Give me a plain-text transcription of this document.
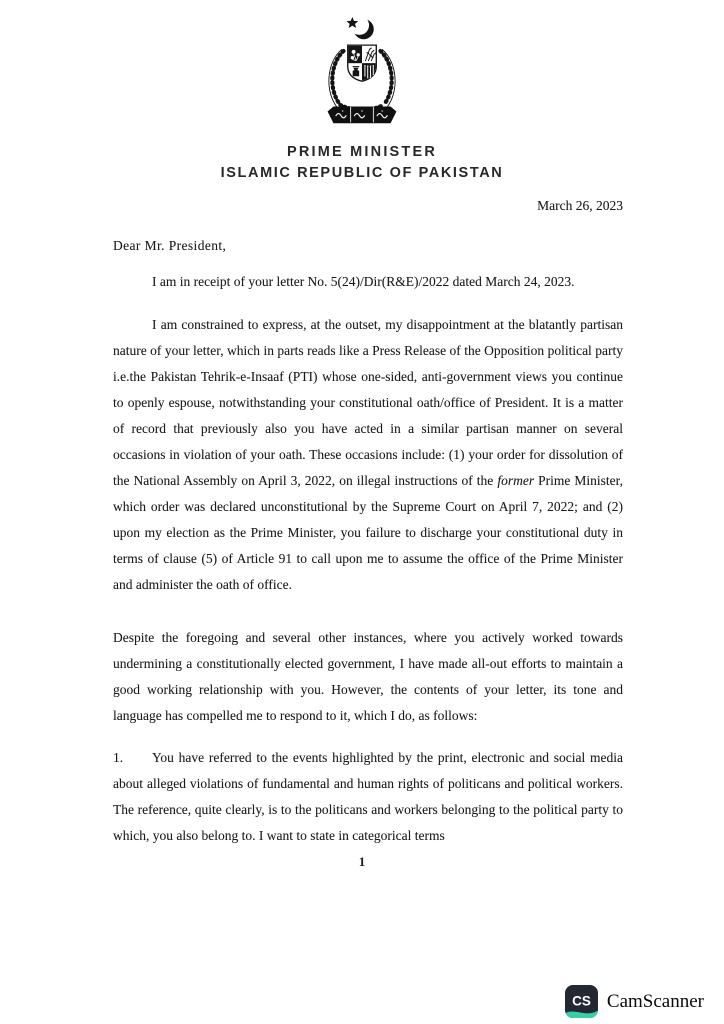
PRIME MINISTER
ISLAMIC REPUBLIC OF PAKISTAN

March 26, 2023

Dear Mr. President,

I am in receipt of your letter No. 5(24)/Dir(R&E)/2022 dated March 24, 2023.

I am constrained to express, at the outset, my disappointment at the blatantly partisan nature of your letter, which in parts reads like a Press Release of the Opposition political party i.e.the Pakistan Tehrik-e-Insaaf (PTI) whose one-sided, anti-government views you continue to openly espouse, notwithstanding your constitutional oath/office of President. It is a matter of record that previously also you have acted in a similar partisan manner on several occasions in violation of your oath. These occasions include: (1) your order for dissolution of the National Assembly on April 3, 2022, on illegal instructions of the former Prime Minister, which order was declared unconstitutional by the Supreme Court on April 7, 2022; and (2) upon my election as the Prime Minister, you failure to discharge your constitutional duty in terms of clause (5) of Article 91 to call upon me to assume the office of the Prime Minister and administer the oath of office.

Despite the foregoing and several other instances, where you actively worked towards undermining a constitutionally elected government, I have made all-out efforts to maintain a good working relationship with you. However, the contents of your letter, its tone and language has compelled me to respond to it, which I do, as follows:

1. You have referred to the events highlighted by the print, electronic and social media about alleged violations of fundamental and human rights of politicans and political workers. The reference, quite clearly, is to the politicans and workers belonging to the political party to which, you also belong to. I want to state in categorical terms

1
CS CamScanner
